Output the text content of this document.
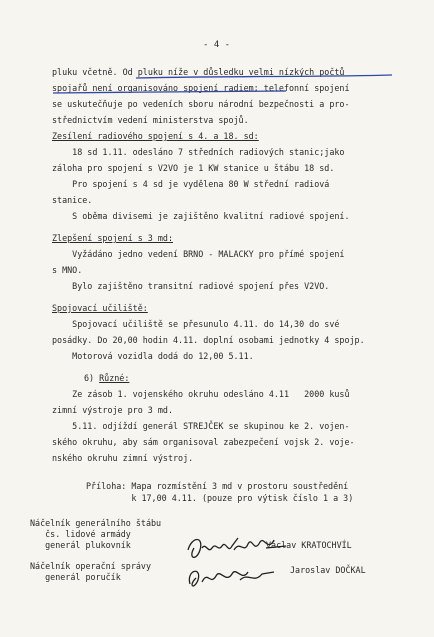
- 4 -
pluku včetně. Od pluku níže v důsledku velmi nízkých počtů
spojařů není organisováno spojení radiem; telefonní spojení
se uskutečňuje po vedeních sboru národní bezpečnosti a pro-
střednictvím vedení ministerstva spojů.
Zesílení radiového spojení s 4. a 18. sd:
18 sd 1.11. odesláno 7 středních radiových stanic;jako
záloha pro spojení s V2VO je 1 KW stanice u štábu 18 sd.
Pro spojení s 4 sd je vydělena 80 W střední radiová
stanice.
S oběma divisemi je zajištěno kvalitní radiové spojení.
Zlepšení spojení s 3 md:
Vyžádáno jedno vedení BRNO - MALACKY pro přímé spojení
s MNO.
Bylo zajištěno transitní radiové spojení přes V2VO.
Spojovací učiliště:
Spojovací učiliště se přesunulo 4.11. do 14,30 do své
posádky. Do 20,00 hodin 4.11. doplní osobami jednotky 4 spojp.
Motorová vozidla dodá do 12,00 5.11.
6) Různé:
Ze zásob 1. vojenského okruhu odesláno 4.11   2000 kusů
zimní výstroje pro 3 md.
5.11. odjíždí generál STREJČEK se skupinou ke 2. vojen-
ského okruhu, aby sám organisoval zabezpečení vojsk 2. voje-
nského okruhu zimní výstroj.
Příloha: Mapa rozmístění 3 md v prostoru soustředění
k 17,00 4.11. (pouze pro výtisk číslo 1 a 3)
Náčelník generálního štábu
čs. lidové armády
generál plukovník	Václav KRATOCHVÍL
Náčelník operační správy
generál poručík
Jaroslav DOČKAL
